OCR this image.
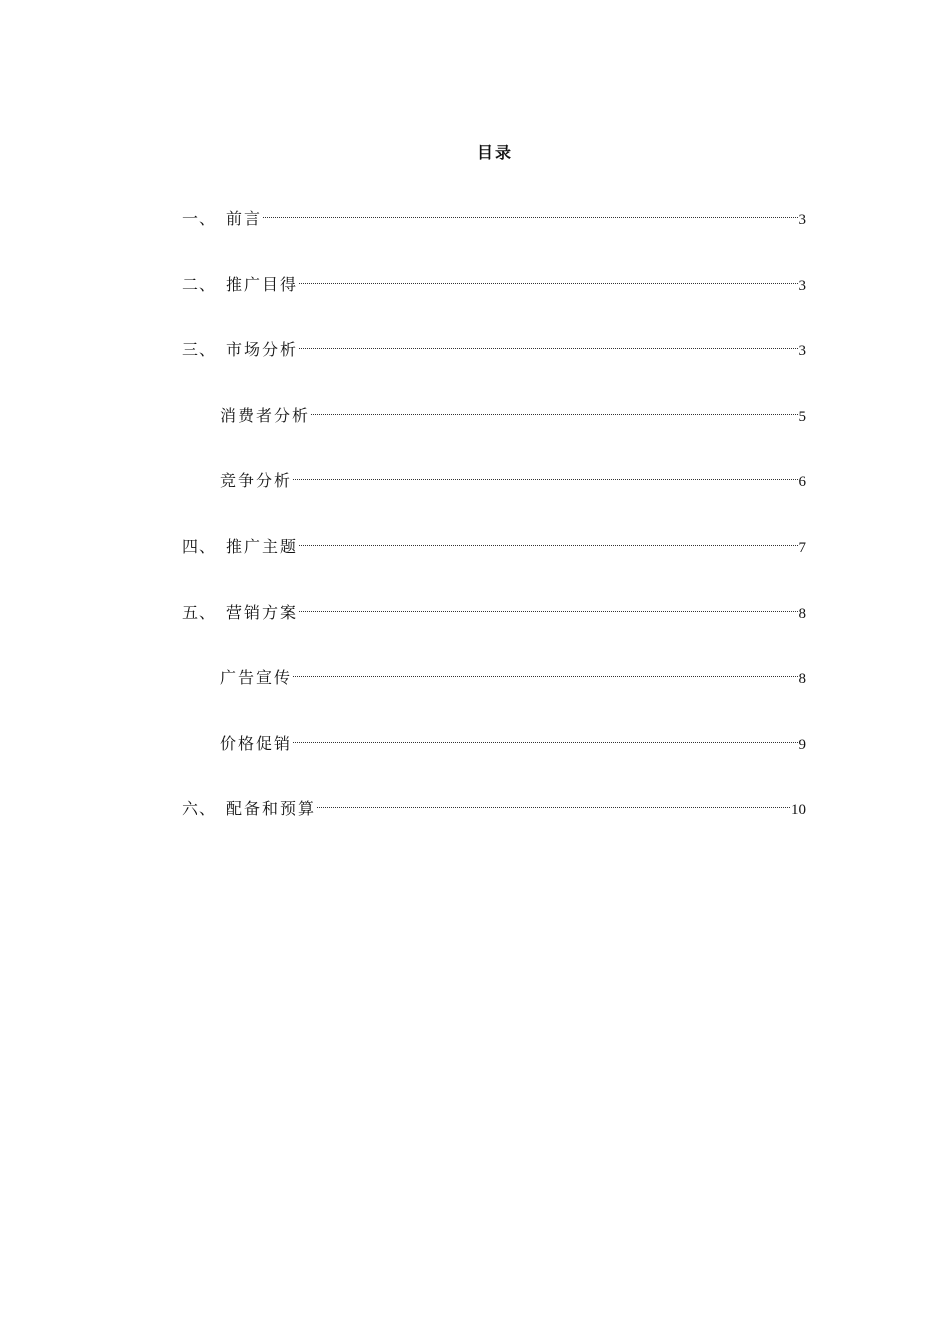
目录
一、 前言	3
二、 推广目得	3
三、 市场分析	3
消费者分析	5
竞争分析	6
四、 推广主题	7
五、 营销方案	8
广告宣传	8
价格促销	9
六、 配备和预算	10
